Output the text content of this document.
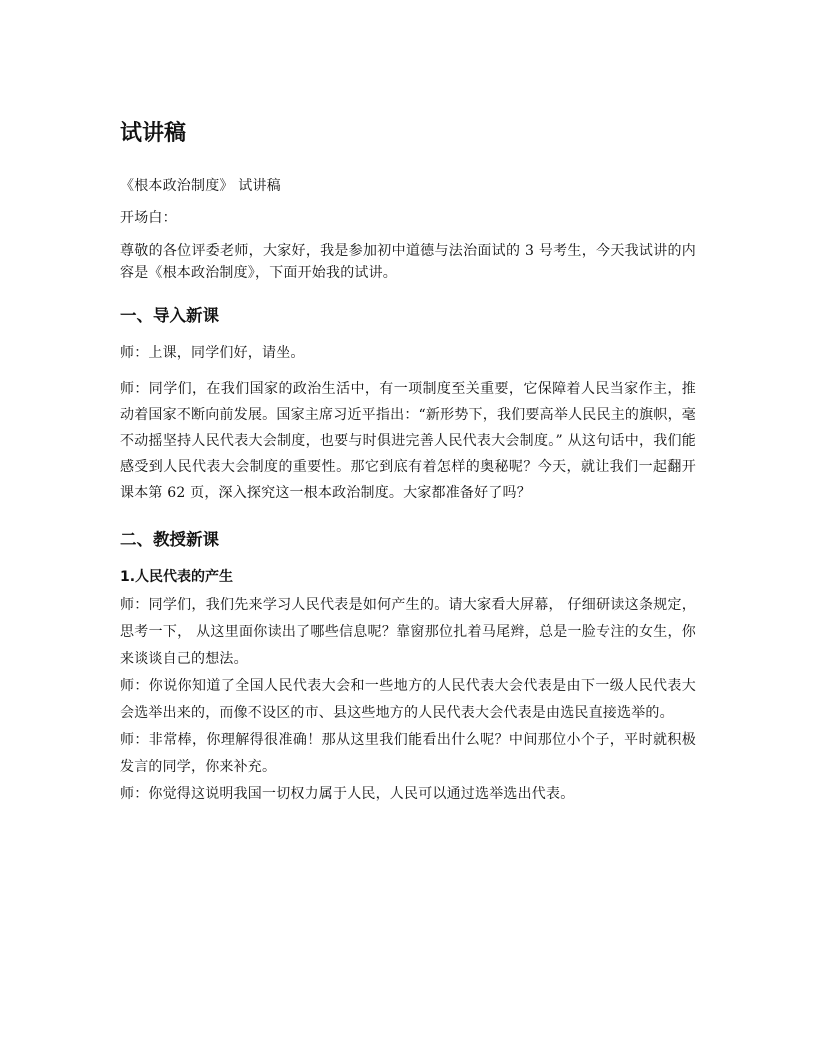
试讲稿

《根本政治制度》 试讲稿

开场白：

尊敬的各位评委老师，大家好，我是参加初中道德与法治面试的 3 号考生，今天我试讲的内容是《根本政治制度》，下面开始我的试讲。

一、导入新课

师：上课，同学们好，请坐。

师：同学们，在我们国家的政治生活中，有一项制度至关重要，它保障着人民当家作主，推动着国家不断向前发展。国家主席习近平指出：“新形势下，我们要高举人民民主的旗帜，毫不动摇坚持人民代表大会制度，也要与时俱进完善人民代表大会制度。” 从这句话中，我们能感受到人民代表大会制度的重要性。那它到底有着怎样的奥秘呢？今天，就让我们一起翻开课本第 62 页，深入探究这一根本政治制度。大家都准备好了吗？

二、教授新课
1.人民代表的产生

师：同学们，我们先来学习人民代表是如何产生的。请大家看大屏幕， 仔细研读这条规定，思考一下， 从这里面你读出了哪些信息呢？靠窗那位扎着马尾辫，总是一脸专注的女生，你来谈谈自己的想法。

师：你说你知道了全国人民代表大会和一些地方的人民代表大会代表是由下一级人民代表大会选举出来的，而像不设区的市、县这些地方的人民代表大会代表是由选民直接选举的。

师：非常棒，你理解得很准确！那从这里我们能看出什么呢？中间那位小个子，平时就积极发言的同学，你来补充。

师：你觉得这说明我国一切权力属于人民，人民可以通过选举选出代表。
